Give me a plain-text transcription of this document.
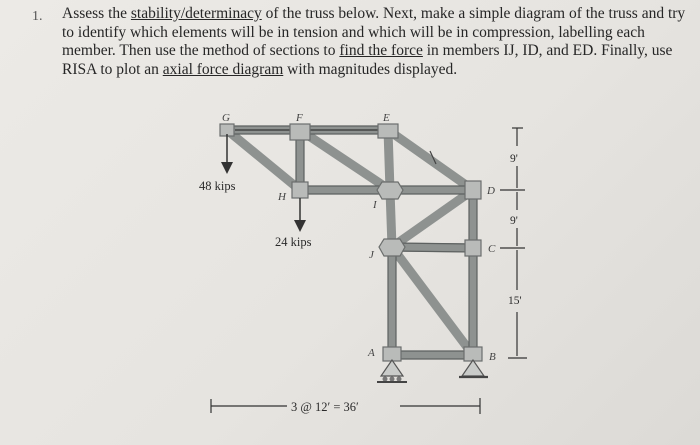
1. Assess the stability/determinacy of the truss below. Next, make a simple diagram of the truss and try to identify which elements will be in tension and which will be in compression, labelling each member. Then use the method of sections to find the force in members IJ, ID, and ED. Finally, use RISA to plot an axial force diagram with magnitudes displayed.
48 kips
24 kips
G	F	E
H
I
J
D
C
B
A
9'
9'
15'
3 @ 12′ = 36′
